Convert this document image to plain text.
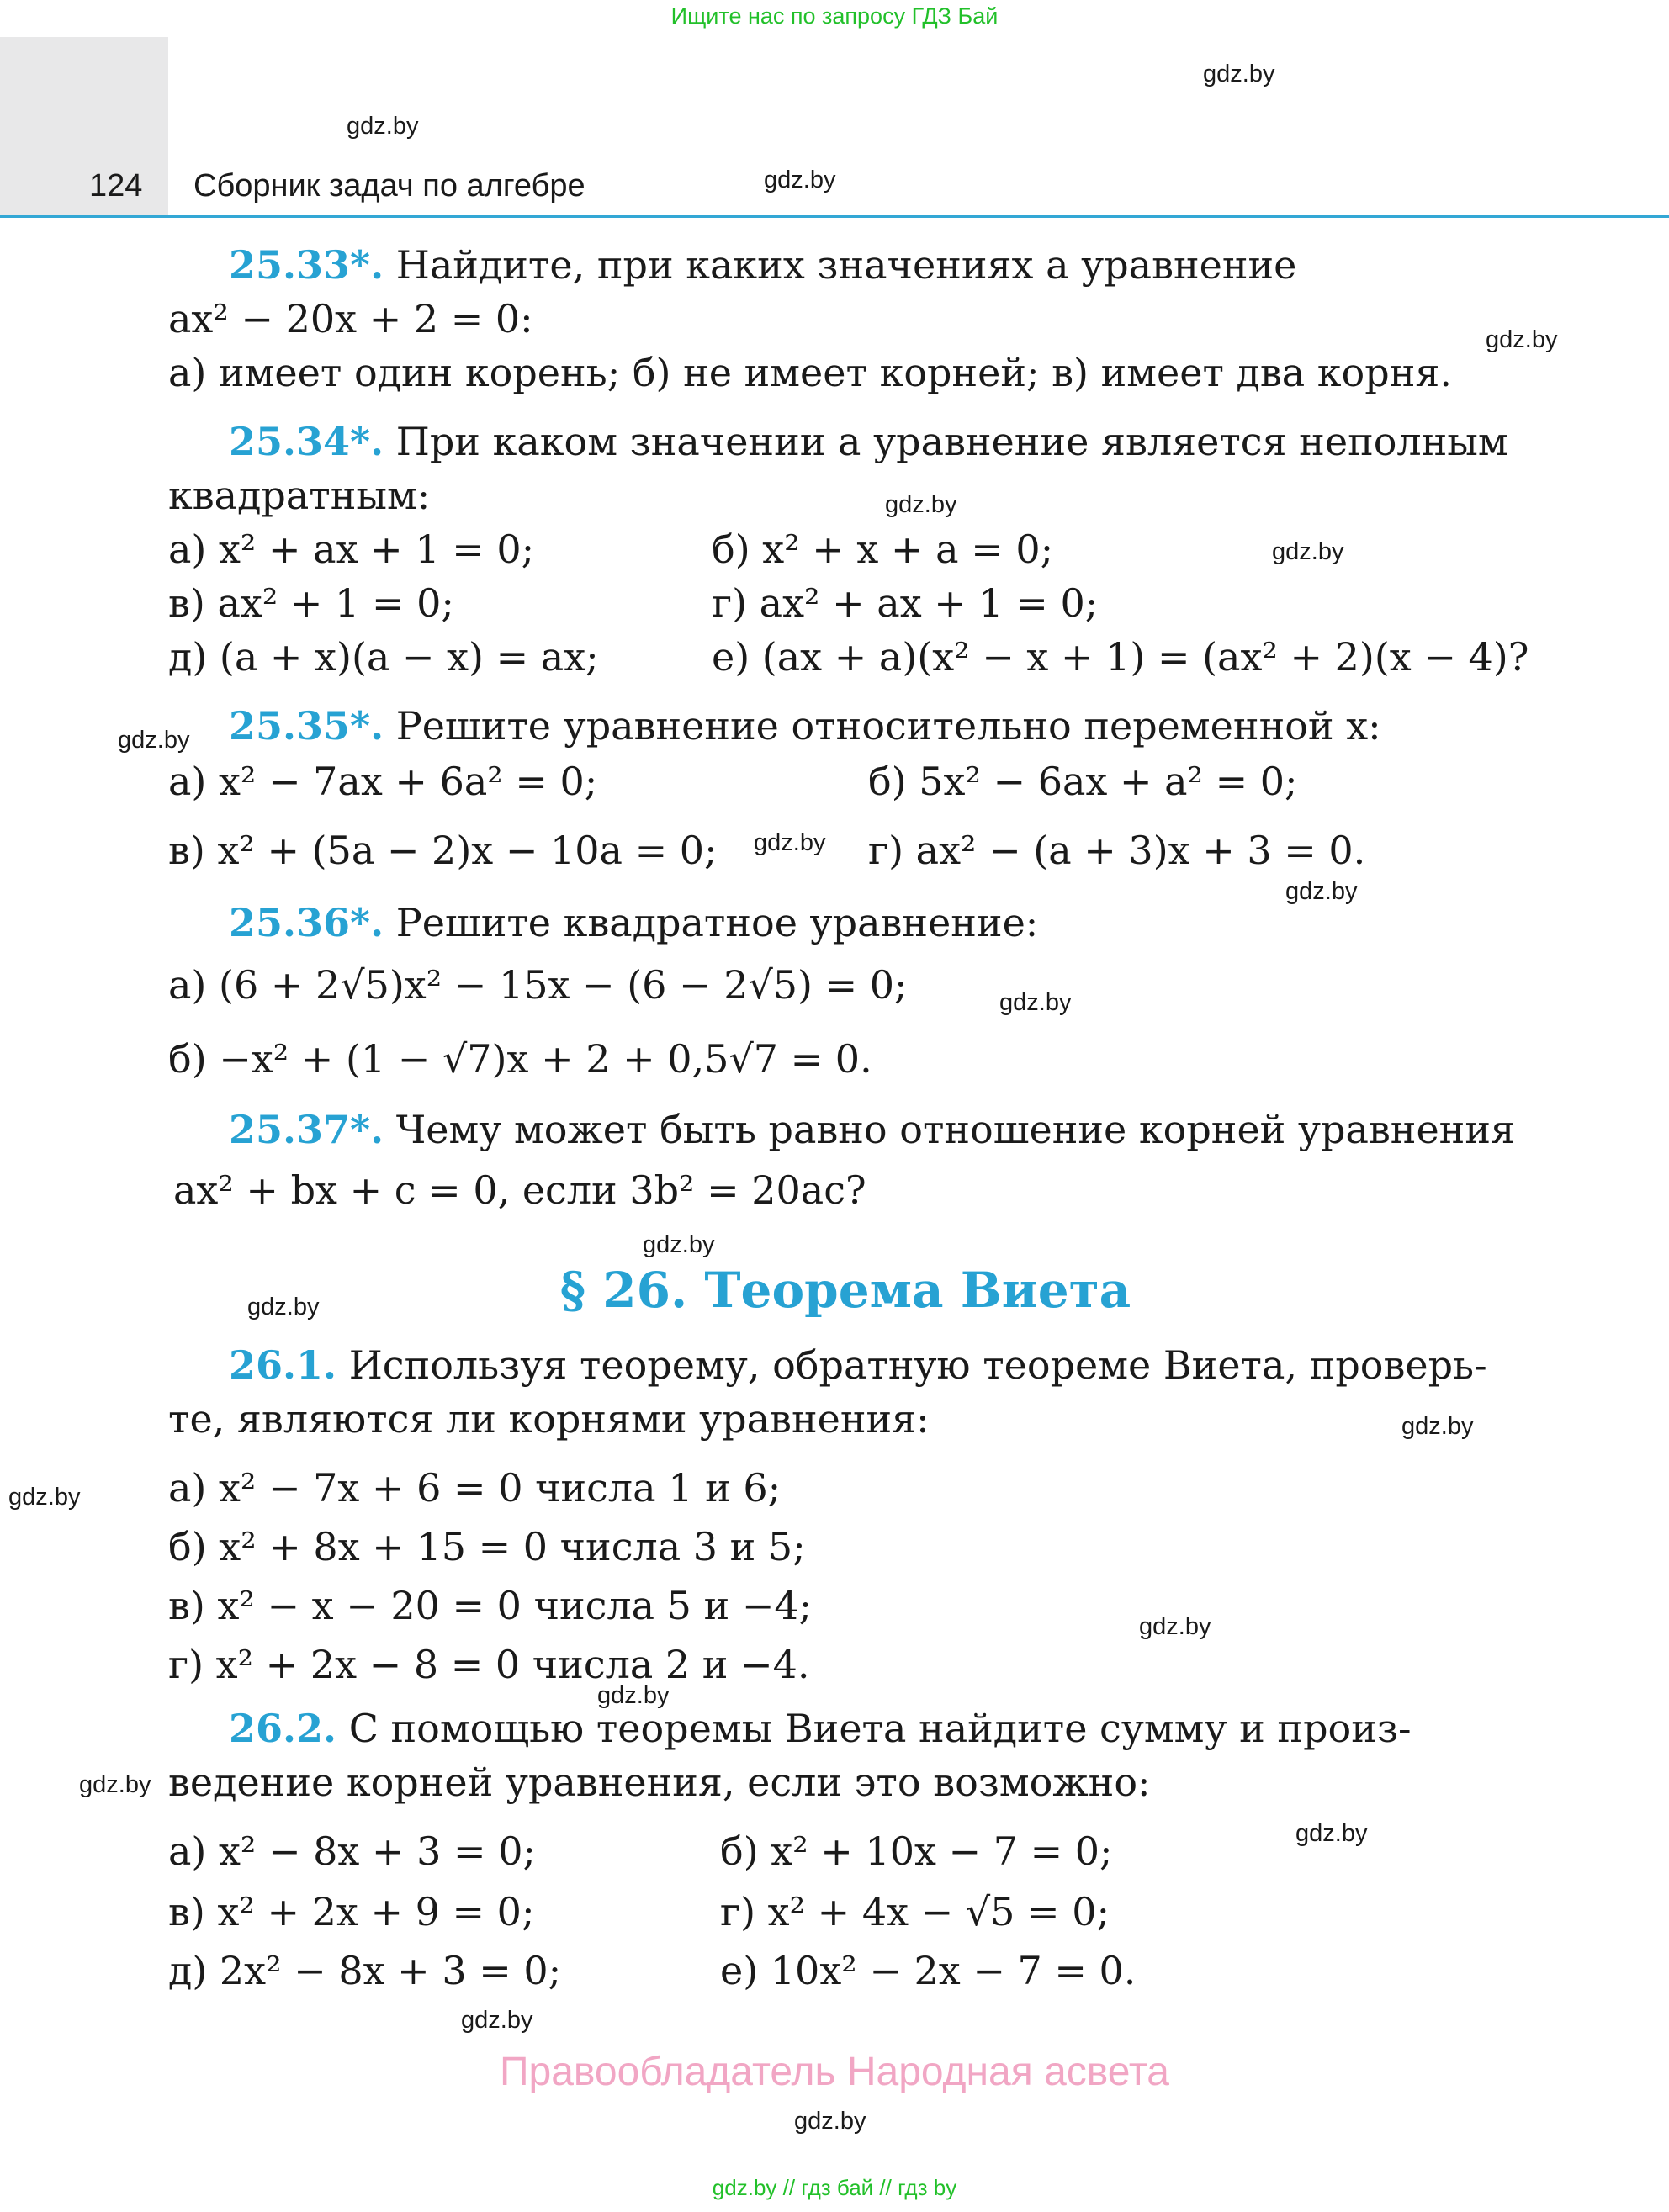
Ищите нас по запросу ГДЗ Бай
124 Сборник задач по алгебре
gdz.by
gdz.by
gdz.by
gdz.by
gdz.by
gdz.by
gdz.by
gdz.by
gdz.by
gdz.by
gdz.by
gdz.by
gdz.by
gdz.by
gdz.by
gdz.by
gdz.by
gdz.by
gdz.by
gdz.by
25.33*. Найдите, при каких значениях a уравнение
ax² − 20x + 2 = 0:
а) имеет один корень; б) не имеет корней; в) имеет два корня.
25.34*. При каком значении a уравнение является неполным
квадратным:
а) x² + ax + 1 = 0;	б) x² + x + a = 0;
в) ax² + 1 = 0;	г) ax² + ax + 1 = 0;
д) (a + x)(a − x) = ax;	е) (ax + a)(x² − x + 1) = (ax² + 2)(x − 4)?
25.35*. Решите уравнение относительно переменной x:
а) x² − 7ax + 6a² = 0;	б) 5x² − 6ax + a² = 0;
в) x² + (5a − 2)x − 10a = 0;	г) ax² − (a + 3)x + 3 = 0.
25.36*. Решите квадратное уравнение:
а) (6 + 2√5)x² − 15x − (6 − 2√5) = 0;
б) −x² + (1 − √7)x + 2 + 0,5√7 = 0.
25.37*. Чему может быть равно отношение корней уравнения
ax² + bx + c = 0, если 3b² = 20ac?
§ 26. Теорема Виета
26.1. Используя теорему, обратную теореме Виета, проверь-
те, являются ли корнями уравнения:
а) x² − 7x + 6 = 0 числа 1 и 6;
б) x² + 8x + 15 = 0 числа 3 и 5;
в) x² − x − 20 = 0 числа 5 и −4;
г) x² + 2x − 8 = 0 числа 2 и −4.
26.2. С помощью теоремы Виета найдите сумму и произ-
ведение корней уравнения, если это возможно:
а) x² − 8x + 3 = 0;	б) x² + 10x − 7 = 0;
в) x² + 2x + 9 = 0;	г) x² + 4x − √5 = 0;
д) 2x² − 8x + 3 = 0;	е) 10x² − 2x − 7 = 0.
Правообладатель Народная асвета
gdz.by // гдз бай // гдз by
